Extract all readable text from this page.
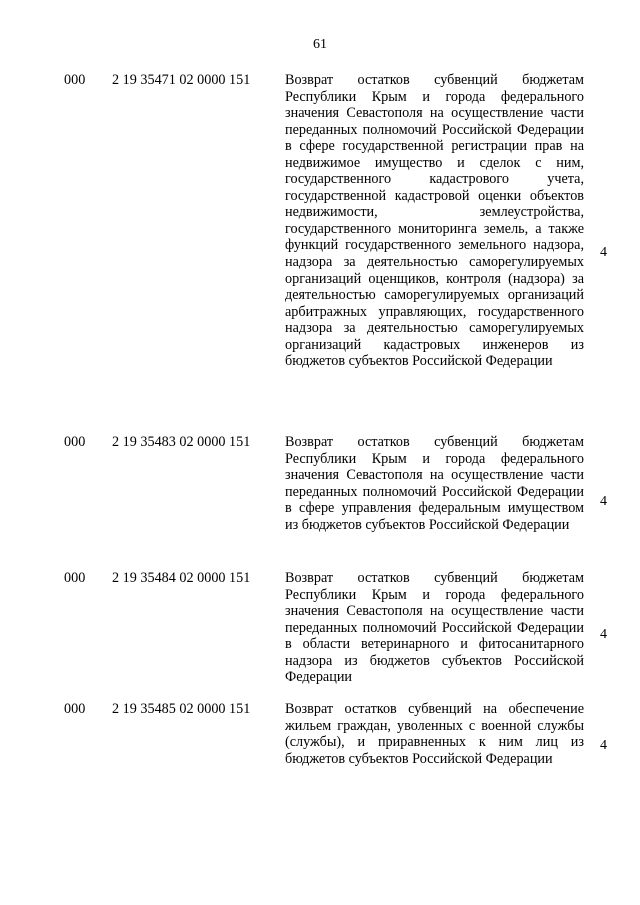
61
000 2 19 35471 02 0000 151 Возврат остатков субвенций бюджетам Республики Крым и города федерального значения Севастополя на осуществление части переданных полномочий Российской Федерации в сфере государственной регистрации прав на недвижимое имущество и сделок с ним, государственного кадастрового учета, государственной кадастровой оценки объектов недвижимости, землеустройства, государственного мониторинга земель, а также функций государственного земельного надзора, надзора за деятельностью саморегулируемых организаций оценщиков, контроля (надзора) за деятельностью саморегулируемых организаций арбитражных управляющих, государственного надзора за деятельностью саморегулируемых организаций кадастровых инженеров из бюджетов субъектов Российской Федерации
4
000 2 19 35483 02 0000 151 Возврат остатков субвенций бюджетам Республики Крым и города федерального значения Севастополя на осуществление части переданных полномочий Российской Федерации в сфере управления федеральным имуществом из бюджетов субъектов Российской Федерации
4
000 2 19 35484 02 0000 151 Возврат остатков субвенций бюджетам Республики Крым и города федерального значения Севастополя на осуществление части переданных полномочий Российской Федерации в области ветеринарного и фитосанитарного надзора из бюджетов субъектов Российской Федерации
4
000 2 19 35485 02 0000 151 Возврат остатков субвенций на обеспечение жильем граждан, уволенных с военной службы (службы), и приравненных к ним лиц из бюджетов субъектов Российской Федерации
4
